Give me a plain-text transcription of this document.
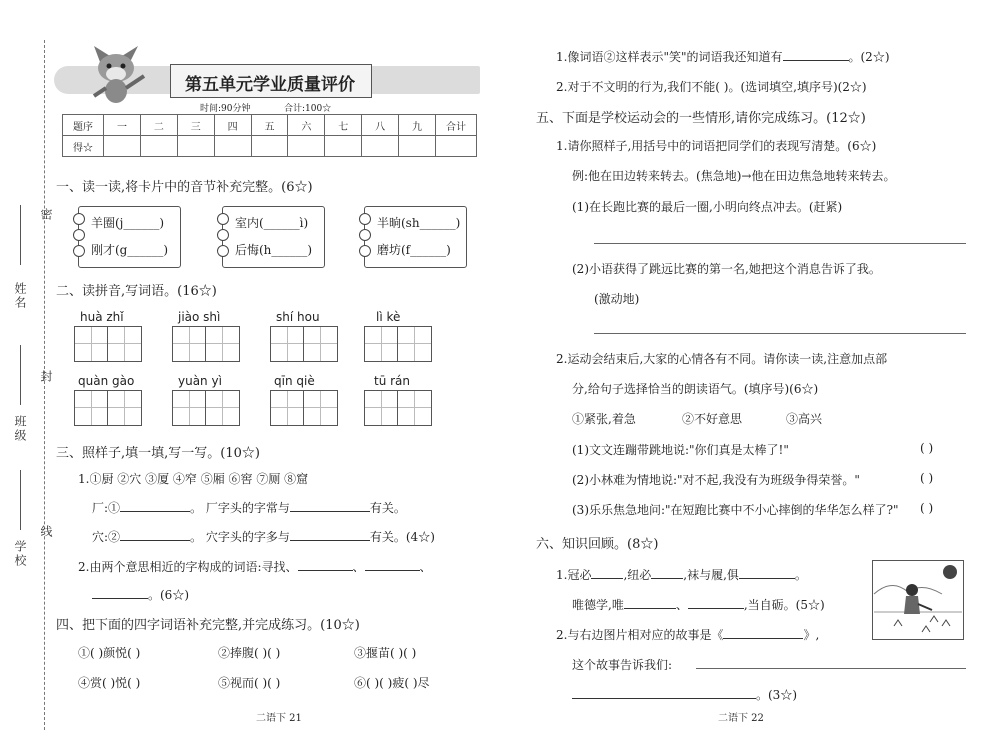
密
封
线
姓名
班级
学校
第五单元学业质量评价
时间:90分钟	合计:100☆
题序	一	二	三	四	五	六	七	八	九	合计
得☆										
一、读一读,将卡片中的音节补充完整。(6☆)
羊圈(j______)
刚才(g______)
室内(______ì)
后悔(h______)
半晌(sh______)
磨坊(f______)
二、读拼音,写词语。(16☆)
huà zhǐ	jiào shì	shí hou	lì kè
quàn gào	yuàn yì	qīn qiè	tū rán
三、照样子,填一填,写一写。(10☆)
1.①厨 ②穴 ③厦 ④窄 ⑤厢 ⑥窖 ⑦厕 ⑧窟
厂:①	。 厂字头的字常与	有关。
穴:②	。 穴字头的字多与	有关。(4☆)
2.由两个意思相近的字构成的词语:寻找、	、	、
。(6☆)
四、把下面的四字词语补充完整,并完成练习。(10☆)
①( )颜悦( )	②捧腹( )( )	③揠苗( )( )
④赏( )悦( )	⑤视而( )( )	⑥( )( )疲( )尽
二语下 21
1.像词语②这样表示"笑"的词语我还知道有	。(2☆)
2.对于不文明的行为,我们不能( )。(选词填空,填序号)(2☆)
五、下面是学校运动会的一些情形,请你完成练习。(12☆)
1.请你照样子,用括号中的词语把同学们的表现写清楚。(6☆)
例:他在田边转来转去。(焦急地)→他在田边焦急地转来转去。
(1)在长跑比赛的最后一圈,小明向终点冲去。(赶紧)
(2)小语获得了跳远比赛的第一名,她把这个消息告诉了我。
(激动地)
2.运动会结束后,大家的心情各有不同。请你读一读,注意加点部
分,给句子选择恰当的朗读语气。(填序号)(6☆)
①紧张,着急	②不好意思	③高兴
(1)文文连蹦带跳地说:"你们真是太棒了!"	( )
(2)小林难为情地说:"对不起,我没有为班级争得荣誉。"	( )
(3)乐乐焦急地问:"在短跑比赛中不小心摔倒的华华怎么样了?" ( )
六、知识回顾。(8☆)
1.冠必	,纽必	,袜与履,俱	。
唯德学,唯	、	,当自砺。(5☆)
2.与右边图片相对应的故事是《	》,
这个故事告诉我们:
。(3☆)
二语下 22
